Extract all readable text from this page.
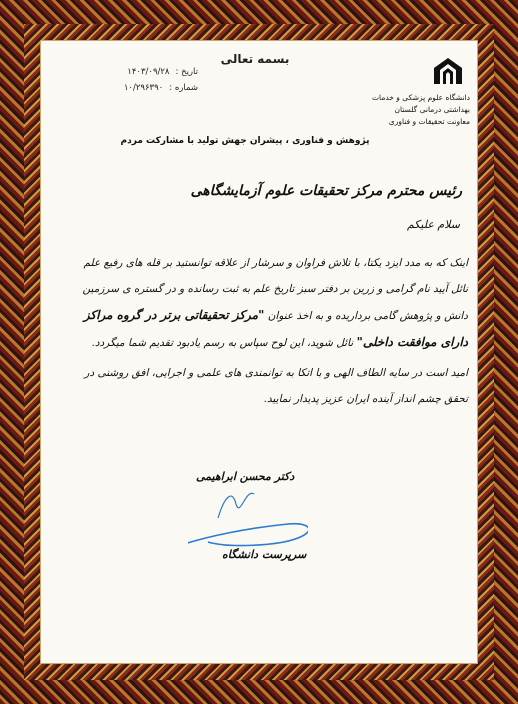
بسمه تعالی
تاریخ :
۱۴۰۳/۰۹/۲۸
شماره :
۱۰/۲۹۶۳۹۰
دانشگاه علوم پزشکی و خدمات
بهداشتی درمانی گلستان
معاونت تحقیقات و فناوری
پژوهش و فناوری ، پیشران جهش تولید با مشارکت مردم
رئیس محترم مرکز تحقیقات علوم آزمایشگاهی
سلام علیکم
اینک که به مدد ایزد یکتا، با تلاش فراوان و سرشار از علاقه توانستید بر قله های رفیع علم نائل آیید نام گرامی و زرین بر دفتر سبز تاریخ علم به ثبت رسانده و در گستره ی سرزمین دانش و پژوهش گامی برداریده و به اخذ عنوان "مرکز تحقیقاتی برتر در گروه مراکز دارای موافقت داخلی" نائل شوید، این لوح سپاس به رسم یادبود تقدیم شما میگردد.
امید است در سایه الطاف الهی و با اتکا به توانمندی های علمی و اجرایی، افق روشنی در تحقق چشم انداز آینده ایران عزیز پدیدار نمایید.
دکتر محسن ابراهیمی
سرپرست دانشگاه
